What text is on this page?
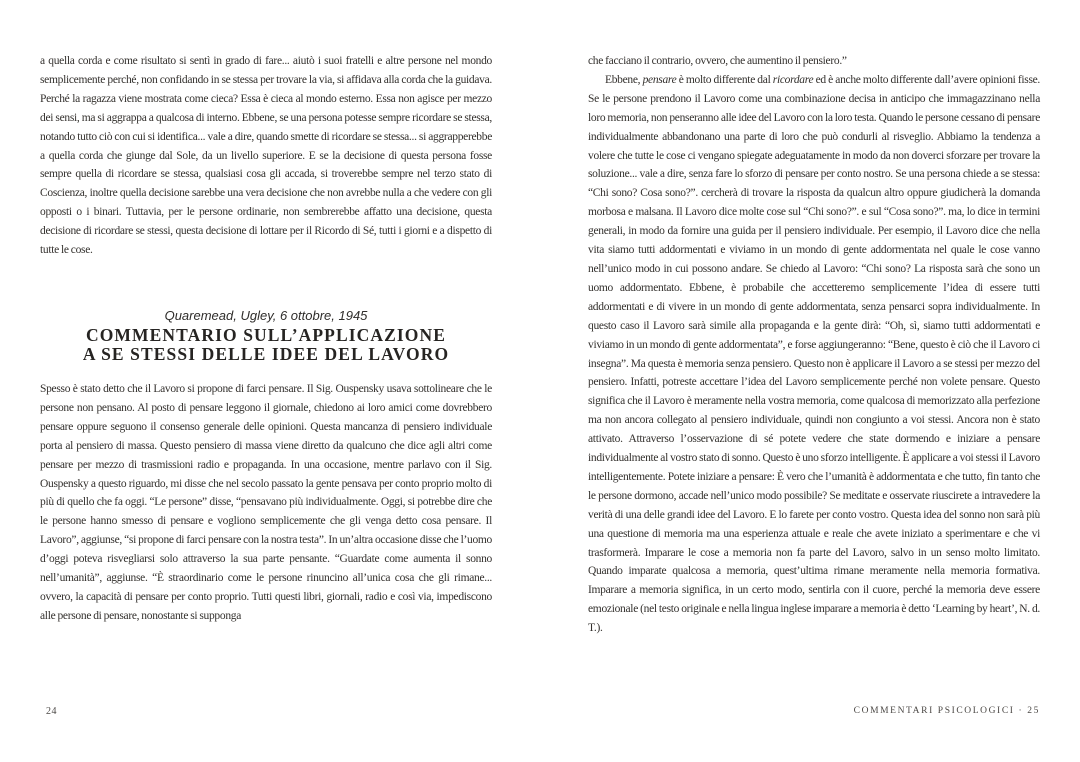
a quella corda e come risultato si sentì in grado di fare... aiutò i suoi fratelli e altre persone nel mondo semplicemente perché, non confidando in se stessa per trovare la via, si affidava alla corda che la guidava. Perché la ragazza viene mostrata come cieca? Essa è cieca al mondo esterno. Essa non agisce per mezzo dei sensi, ma si aggrappa a qualcosa di interno. Ebbene, se una persona potesse sempre ricordare se stessa, notando tutto ciò con cui si identifica... vale a dire, quando smette di ricordare se stessa... si aggrapperebbe a quella corda che giunge dal Sole, da un livello superiore. E se la decisione di questa persona fosse sempre quella di ricordare se stessa, qualsiasi cosa gli accada, si troverebbe sempre nel terzo stato di Coscienza, inoltre quella decisione sarebbe una vera decisione che non avrebbe nulla a che vedere con gli opposti o i binari. Tuttavia, per le persone ordinarie, non sembrerebbe affatto una decisione, questa decisione di ricordare se stessi, questa decisione di lottare per il Ricordo di Sé, tutti i giorni e a dispetto di tutte le cose.

Quaremead, Ugley, 6 ottobre, 1945

COMMENTARIO SULL’APPLICAZIONE
A SE STESSI DELLE IDEE DEL LAVORO

Spesso è stato detto che il Lavoro si propone di farci pensare. Il Sig. Ouspensky usava sottolineare che le persone non pensano. Al posto di pensare leggono il giornale, chiedono ai loro amici come dovrebbero pensare oppure seguono il consenso generale delle opinioni. Questa mancanza di pensiero individuale porta al pensiero di massa. Questo pensiero di massa viene diretto da qualcuno che dice agli altri come pensare per mezzo di trasmissioni radio e propaganda. In una occasione, mentre parlavo con il Sig. Ouspensky a questo riguardo, mi disse che nel secolo passato la gente pensava per conto proprio molto di più di quello che fa oggi. “Le persone” disse, “pensavano più individualmente. Oggi, si potrebbe dire che le persone hanno smesso di pensare e vogliono semplicemente che gli venga detto cosa pensare. Il Lavoro”, aggiunse, “si propone di farci pensare con la nostra testa”. In un’altra occasione disse che l’uomo d’oggi poteva risvegliarsi solo attraverso la sua parte pensante. “Guardate come aumenta il sonno nell’umanità”, aggiunse. “È straordinario come le persone rinuncino all’unica cosa che gli rimane... ovvero, la capacità di pensare per conto proprio. Tutti questi libri, giornali, radio e così via, impediscono alle persone di pensare, nonostante si supponga

che facciano il contrario, ovvero, che aumentino il pensiero.”

Ebbene, pensare è molto differente dal ricordare ed è anche molto differente dall’avere opinioni fisse. Se le persone prendono il Lavoro come una combinazione decisa in anticipo che immagazzinano nella loro memoria, non penseranno alle idee del Lavoro con la loro testa. Quando le persone cessano di pensare individualmente abbandonano una parte di loro che può condurli al risveglio. Abbiamo la tendenza a volere che tutte le cose ci vengano spiegate adeguatamente in modo da non doverci sforzare per trovare la soluzione... vale a dire, senza fare lo sforzo di pensare per conto nostro. Se una persona chiede a se stessa: “Chi sono? Cosa sono?”. cercherà di trovare la risposta da qualcun altro oppure giudicherà la domanda morbosa e malsana. Il Lavoro dice molte cose sul “Chi sono?”. e sul “Cosa sono?”. ma, lo dice in termini generali, in modo da fornire una guida per il pensiero individuale. Per esempio, il Lavoro dice che nella vita siamo tutti addormentati e viviamo in un mondo di gente addormentata nel quale le cose vanno nell’unico modo in cui possono andare. Se chiedo al Lavoro: “Chi sono? La risposta sarà che sono un uomo addormentato. Ebbene, è probabile che accetteremo semplicemente l’idea di essere tutti addormentati e di vivere in un mondo di gente addormentata, senza pensarci sopra individualmente. In questo caso il Lavoro sarà simile alla propaganda e la gente dirà: “Oh, sì, siamo tutti addormentati e viviamo in un mondo di gente addormentata”, e forse aggiungeranno: “Bene, questo è ciò che il Lavoro ci insegna”. Ma questa è memoria senza pensiero. Questo non è applicare il Lavoro a se stessi per mezzo del pensiero. Infatti, potreste accettare l’idea del Lavoro semplicemente perché non volete pensare. Questo significa che il Lavoro è meramente nella vostra memoria, come qualcosa di memorizzato alla perfezione ma non ancora collegato al pensiero individuale, quindi non congiunto a voi stessi. Ancora non è stato attivato. Attraverso l’osservazione di sé potete vedere che state dormendo e iniziare a pensare individualmente al vostro stato di sonno. Questo è uno sforzo intelligente. È applicare a voi stessi il Lavoro intelligentemente. Potete iniziare a pensare: È vero che l’umanità è addormentata e che tutto, fin tanto che le persone dormono, accade nell’unico modo possibile? Se meditate e osservate riuscirete a intravedere la verità di una delle grandi idee del Lavoro. E lo farete per conto vostro. Questa idea del sonno non sarà più una questione di memoria ma una esperienza attuale e reale che avete iniziato a sperimentare e che vi trasformerà. Imparare le cose a memoria non fa parte del Lavoro, salvo in un senso molto limitato. Quando imparate qualcosa a memoria, quest’ultima rimane meramente nella memoria formativa. Imparare a memoria significa, in un certo modo, sentirla con il cuore, perché la memoria deve essere emozionale (nel testo originale e nella lingua inglese imparare a memoria è detto ‘Learning by heart’, N. d. T.).

24	COMMENTARI PSICOLOGICI · 25
